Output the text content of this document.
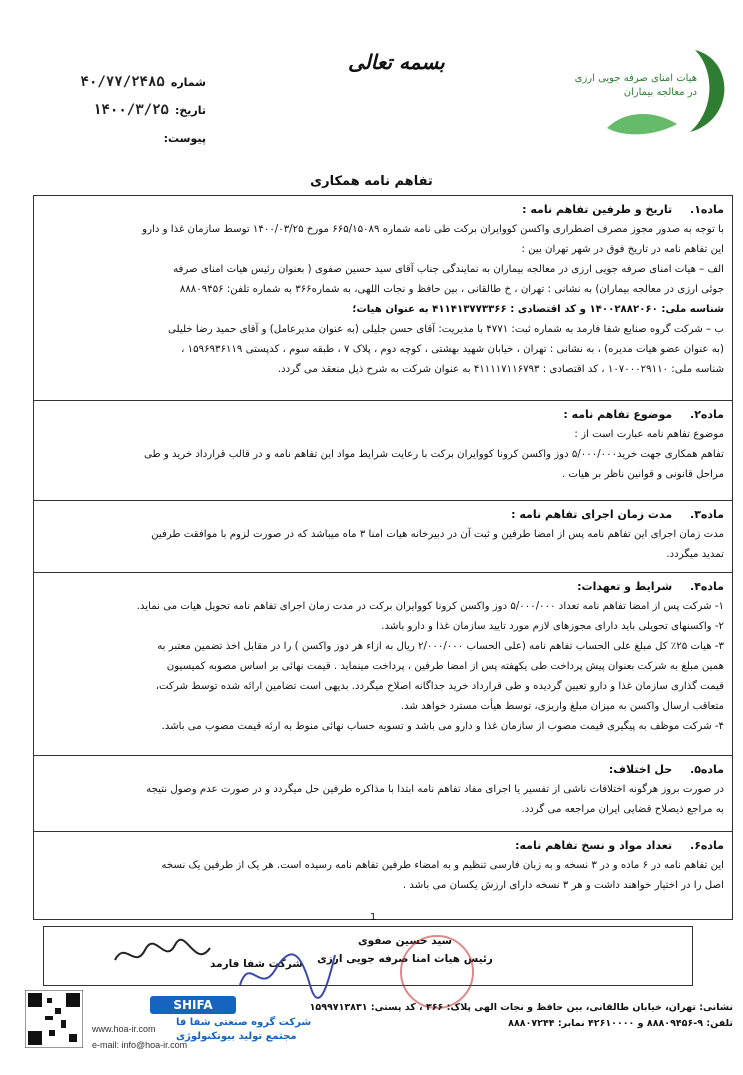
هیات امنای صرفه جویی ارزی
در معالجه بیماران
بسمه تعالی
شماره
۴۰/۷۷/۲۴۸۵
تاریخ:
۱۴۰۰/۳/۲۵
پیوست:
تفاهم نامه همکاری
ماده۱. تاریخ و طرفین تفاهم نامه :

با توجه به صدور مجوز مصرف اضطراری واکسن کوو‌ایران برکت طی نامه شماره ۶۶۵/۱۵۰۸۹ مورخ ۱۴۰۰/۰۳/۲۵ توسط سازمان غذا و دارو

این تفاهم نامه در تاریخ فوق در شهر تهران بین :

الف – هیات امنای صرفه جویی ارزی در معالجه بیماران به نمایندگی جناب آقای سید حسین صفوی ( بعنوان رئیس هیات امنای صرفه

جوئی ارزی در معالجه بیماران) به نشانی : تهران ، خ طالقانی ، بین حافظ و نجات اللهی، به شماره۳۶۶ به شماره تلفن: ۸۸۸۰۹۴۵۶

شناسه ملی: ۱۴۰۰۲۸۸۲۰۶۰ و کد اقتصادی : ۴۱۱۴۱۳۷۷۳۳۶۶ به عنوان هیات؛

ب – شرکت گروه صنایع شفا فارمد به شماره ثبت: ۴۷۷۱ با مدیریت: آقای حسن جلیلی (به عنوان مدیرعامل) و آقای حمید رضا خلیلی

(به عنوان عضو هیات مدیره) ، به نشانی : تهران ، خیابان شهید بهشتی ، کوچه دوم ، پلاک ۷ ، طبقه سوم ، کدپستی ۱۵۹۶۹۳۶۱۱۹ ،

شناسه ملی: ۱۰۷۰۰۰۲۹۱۱۰ ، کد اقتصادی : ۴۱۱۱۱۷۱۱۶۷۹۳ به عنوان شرکت به شرح ذیل منعقد می گردد.

ماده۲. موضوع تفاهم نامه :

موضوع تفاهم نامه عبارت است از :

تفاهم همکاری جهت خرید۵/۰۰۰/۰۰۰ دوز واکسن کرونا کوو‌ایران برکت با رعایت شرایط مواد این تفاهم نامه و در قالب قرارداد خرید و طی

مراحل قانونی و قوانین ناظر بر هیات .

ماده۳. مدت زمان اجرای تفاهم نامه :

مدت زمان اجرای این تفاهم نامه پس از امضا طرفین و ثبت آن در دبیرخانه هیات امنا ۳ ماه میباشد که در صورت لزوم با موافقت طرفین

تمدید میگردد.

ماده۴. شرایط و تعهدات:

۱- شرکت پس از امضا تفاهم نامه تعداد ۵/۰۰۰/۰۰۰ دوز واکسن کرونا کوو‌ایران برکت در مدت زمان اجرای تفاهم نامه تحویل هیات می نماید.

۲- واکسنهای تحویلی باید دارای مجوزهای لازم مورد تایید سازمان غذا و دارو باشد.

۳- هیات ۲۵٪ کل مبلغ علی الحساب تفاهم نامه (علی الحساب ۲/۰۰۰/۰۰۰ ریال به ازاء هر دوز واکسن ) را در مقابل اخذ تضمین معتبر به

همین مبلغ به شرکت بعنوان پیش پرداخت طی یکهفته پس از امضا طرفین ، پرداخت مینماید . قیمت نهائی بر اساس مصوبه کمیسیون

قیمت گذاری سازمان غذا و دارو تعیین گردیده و طی قرارداد خرید جداگانه اصلاح میگردد. بدیهی است تضامین ارائه شده توسط شرکت،

متعاقب ارسال واکسن به میزان مبلغ واریزی، توسط هیأت مسترد خواهد شد.

۴- شرکت موظف به پیگیری قیمت مصوب از سازمان غذا و دارو می باشد و تسویه حساب نهائی منوط به ارئه قیمت مصوب می باشد.

ماده۵. حل اختلاف:

در صورت بروز هرگونه اختلافات ناشی از تفسیر یا اجرای مفاد تفاهم نامه ابتدا با مذاکره طرفین حل میگردد و در صورت عدم وصول نتیجه

به مراجع ذیصلاح قضایی ایران مراجعه می گردد.

ماده۶. تعداد مواد و نسخ تفاهم نامه:

این تفاهم نامه در ۶ ماده و در ۳ نسخه و به زبان فارسی تنظیم و به امضاء طرفین تفاهم نامه رسیده است. هر یک از طرفین یک نسخه

اصل را در اختیار خواهند داشت و هر ۳ نسخه دارای ارزش یکسان می باشد .

1
شرکت شفا فارمد
سید حسین صفوی
رئیس هیات امنا صرفه جویی ارزی
SHIFA
شرکت گروه صنعتی شفا فا
مجتمع تولید بیوتکنولوژی
www.hoa-ir.com
e-mail: info@hoa-ir.com
نشانی: تهران، خیابان طالقانی، بین حافظ و نجات الهی پلاک: ۳۶۶ ، کد پستی: ۱۵۹۹۷۱۳۸۳۱
تلفن: ۹-۸۸۸۰۹۴۵۶ و ۴۲۶۱۰۰۰۰ نمابر: ۸۸۸۰۷۲۴۴
